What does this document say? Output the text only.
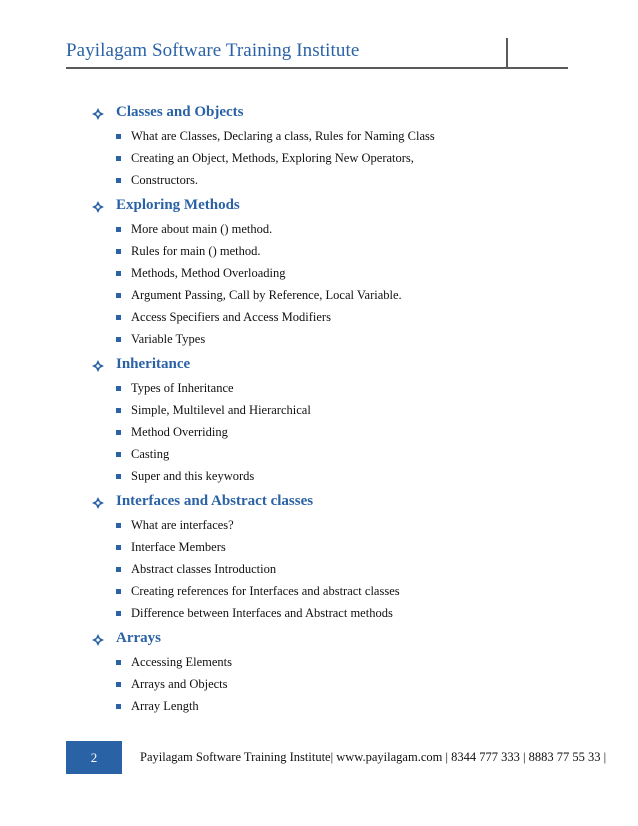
Payilagam Software Training Institute
Classes and Objects
What are Classes, Declaring a class, Rules for Naming Class
Creating an Object, Methods, Exploring New Operators,
Constructors.
Exploring Methods
More about main () method.
Rules for main () method.
Methods, Method Overloading
Argument Passing, Call by Reference, Local Variable.
Access Specifiers and Access Modifiers
Variable Types
Inheritance
Types of Inheritance
Simple, Multilevel and Hierarchical
Method Overriding
Casting
Super and this keywords
Interfaces and Abstract classes
What are interfaces?
Interface Members
Abstract classes Introduction
Creating references for Interfaces and abstract classes
Difference between Interfaces and Abstract methods
Arrays
Accessing Elements
Arrays and Objects
Array Length
2	Payilagam Software Training Institute| www.payilagam.com | 8344 777 333 | 8883 77 55 33 |
